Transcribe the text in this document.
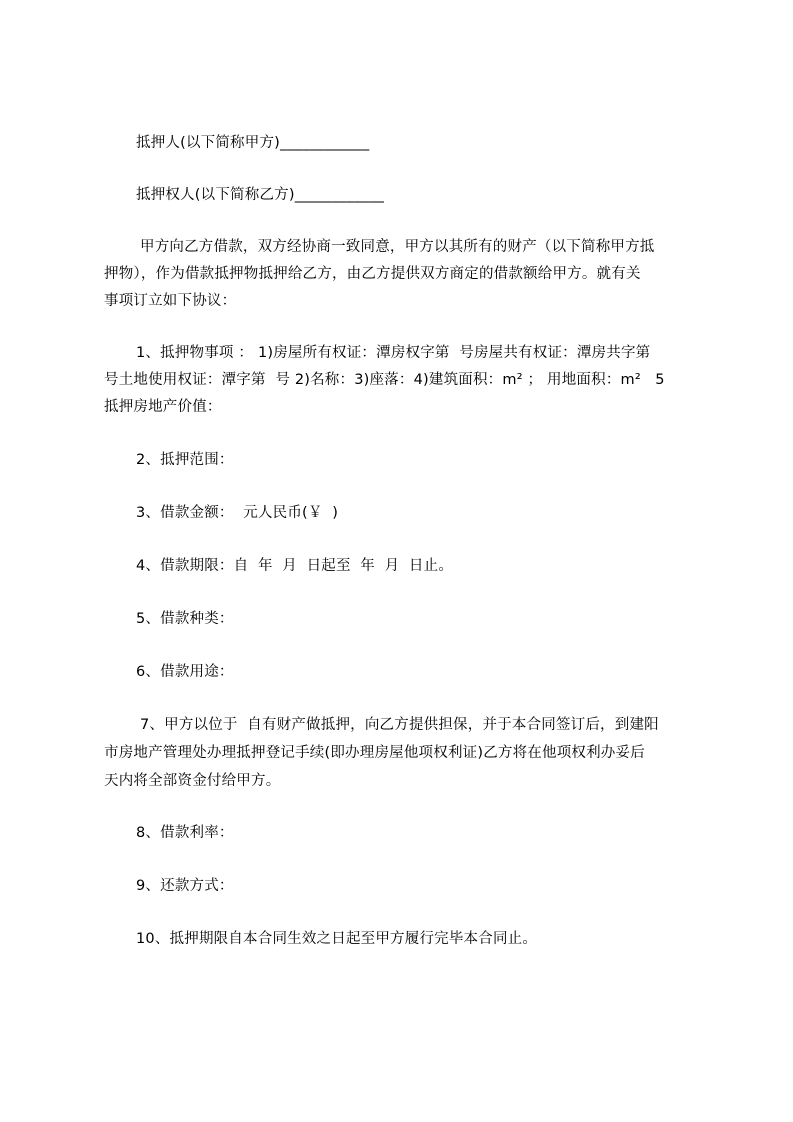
抵押人(以下简称甲方)____________
抵押权人(以下简称乙方)____________
甲方向乙方借款，双方经协商一致同意，甲方以其所有的财产（以下简称甲方抵
押物），作为借款抵押物抵押给乙方，由乙方提供双方商定的借款额给甲方。就有关
事项订立如下协议：
1、抵押物事项 ： 1)房屋所有权证：潭房权字第  号房屋共有权证：潭房共字第
号土地使用权证：潭字第  号 2)名称：3)座落：4)建筑面积：m² ； 用地面积：m²   5
抵押房地产价值：
2、抵押范围：
3、借款金额：  元人民币(￥  )
4、借款期限：自  年  月  日起至  年  月  日止。
5、借款种类：
6、借款用途：
7、甲方以位于  自有财产做抵押，向乙方提供担保，并于本合同签订后，到建阳
市房地产管理处办理抵押登记手续(即办理房屋他项权利证)乙方将在他项权利办妥后
天内将全部资金付给甲方。
8、借款利率：
9、还款方式：
10、抵押期限自本合同生效之日起至甲方履行完毕本合同止。
